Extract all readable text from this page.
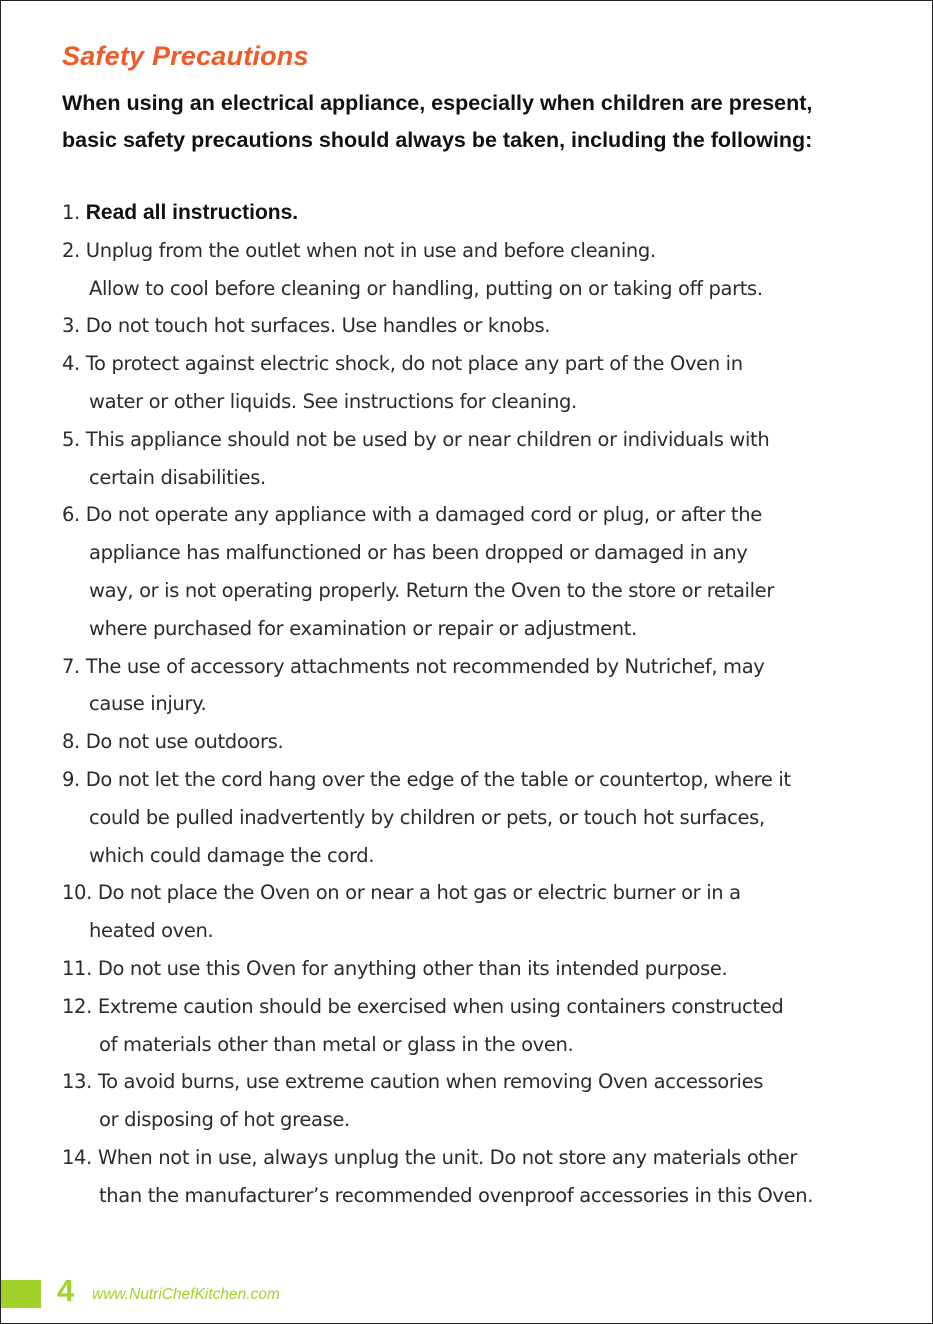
Safety Precautions
When using an electrical appliance, especially when children are present,
basic safety precautions should always be taken, including the following:
1. Read all instructions.
2. Unplug from the outlet when not in use and before cleaning.
Allow to cool before cleaning or handling, putting on or taking off parts.
3. Do not touch hot surfaces. Use handles or knobs.
4. To protect against electric shock, do not place any part of the Oven in
water or other liquids. See instructions for cleaning.
5. This appliance should not be used by or near children or individuals with
certain disabilities.
6. Do not operate any appliance with a damaged cord or plug, or after the
appliance has malfunctioned or has been dropped or damaged in any
way, or is not operating properly. Return the Oven to the store or retailer
where purchased for examination or repair or adjustment.
7. The use of accessory attachments not recommended by Nutrichef, may
cause injury.
8. Do not use outdoors.
9. Do not let the cord hang over the edge of the table or countertop, where it
could be pulled inadvertently by children or pets, or touch hot surfaces,
which could damage the cord.
10. Do not place the Oven on or near a hot gas or electric burner or in a
heated oven.
11. Do not use this Oven for anything other than its intended purpose.
12. Extreme caution should be exercised when using containers constructed
of materials other than metal or glass in the oven.
13. To avoid burns, use extreme caution when removing Oven accessories
or disposing of hot grease.
14. When not in use, always unplug the unit. Do not store any materials other
than the manufacturer’s recommended ovenproof accessories in this Oven.
4 www.NutriChefKitchen.com
